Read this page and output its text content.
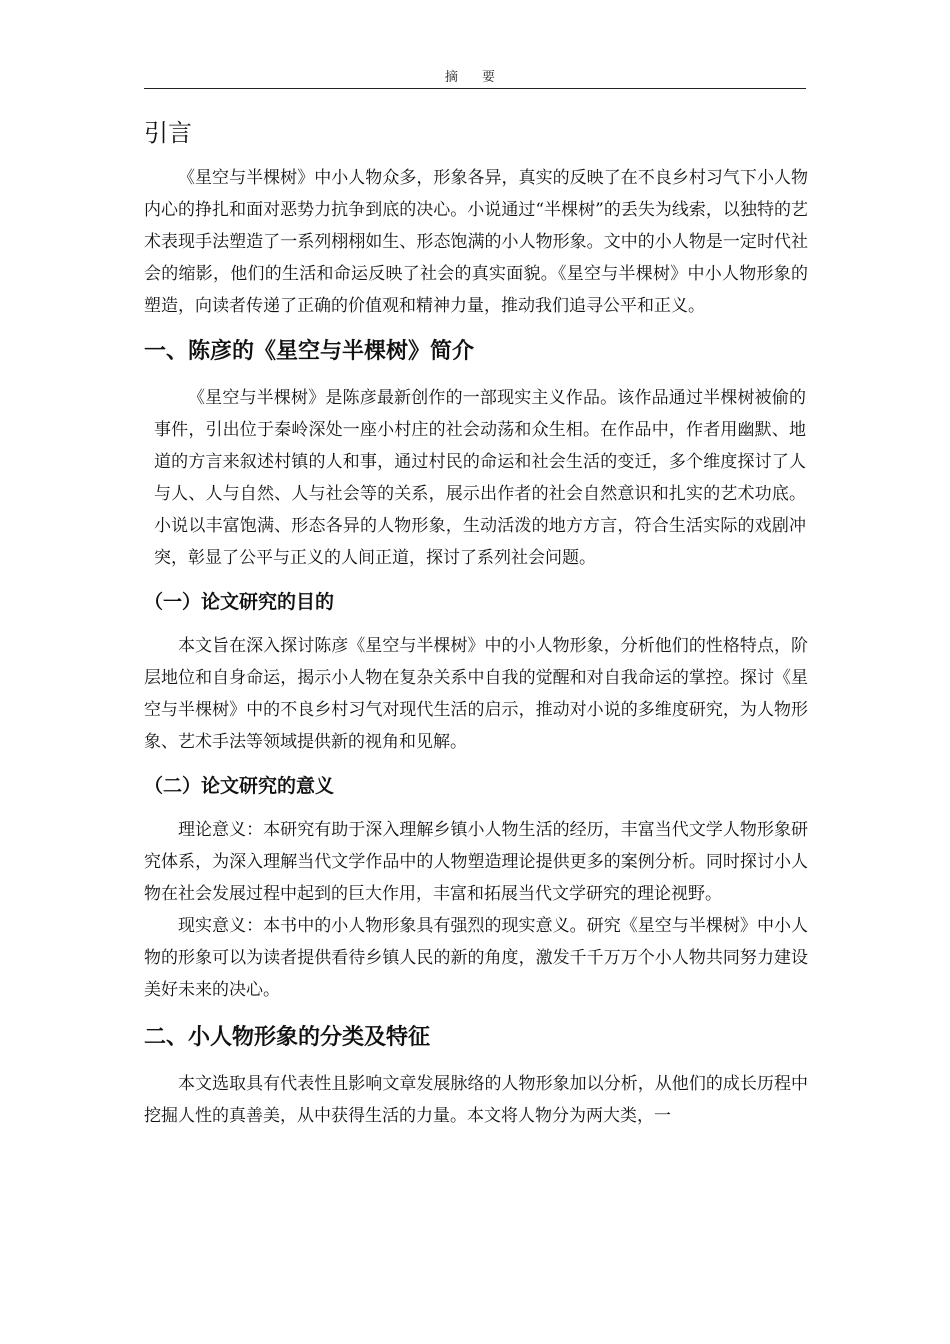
摘 要
引言

《星空与半棵树》中小人物众多，形象各异，真实的反映了在不良乡村习气下小人物内心的挣扎和面对恶势力抗争到底的决心。小说通过“半棵树”的丢失为线索，以独特的艺术表现手法塑造了一系列栩栩如生、形态饱满的小人物形象。文中的小人物是一定时代社会的缩影，他们的生活和命运反映了社会的真实面貌。《星空与半棵树》中小人物形象的塑造，向读者传递了正确的价值观和精神力量，推动我们追寻公平和正义。

一、陈彦的《星空与半棵树》简介

《星空与半棵树》是陈彦最新创作的一部现实主义作品。该作品通过半棵树被偷的事件，引出位于秦岭深处一座小村庄的社会动荡和众生相。在作品中，作者用幽默、地道的方言来叙述村镇的人和事，通过村民的命运和社会生活的变迁，多个维度探讨了人与人、人与自然、人与社会等的关系，展示出作者的社会自然意识和扎实的艺术功底。小说以丰富饱满、形态各异的人物形象，生动活泼的地方方言，符合生活实际的戏剧冲突，彰显了公平与正义的人间正道，探讨了系列社会问题。

（一）论文研究的目的

本文旨在深入探讨陈彦《星空与半棵树》中的小人物形象，分析他们的性格特点，阶层地位和自身命运，揭示小人物在复杂关系中自我的觉醒和对自我命运的掌控。探讨《星空与半棵树》中的不良乡村习气对现代生活的启示，推动对小说的多维度研究，为人物形象、艺术手法等领域提供新的视角和见解。

（二）论文研究的意义

理论意义：本研究有助于深入理解乡镇小人物生活的经历，丰富当代文学人物形象研究体系，为深入理解当代文学作品中的人物塑造理论提供更多的案例分析。同时探讨小人物在社会发展过程中起到的巨大作用，丰富和拓展当代文学研究的理论视野。

现实意义：本书中的小人物形象具有强烈的现实意义。研究《星空与半棵树》中小人物的形象可以为读者提供看待乡镇人民的新的角度，激发千千万万个小人物共同努力建设美好未来的决心。

二、小人物形象的分类及特征

本文选取具有代表性且影响文章发展脉络的人物形象加以分析，从他们的成长历程中挖掘人性的真善美，从中获得生活的力量。本文将人物分为两大类，一
